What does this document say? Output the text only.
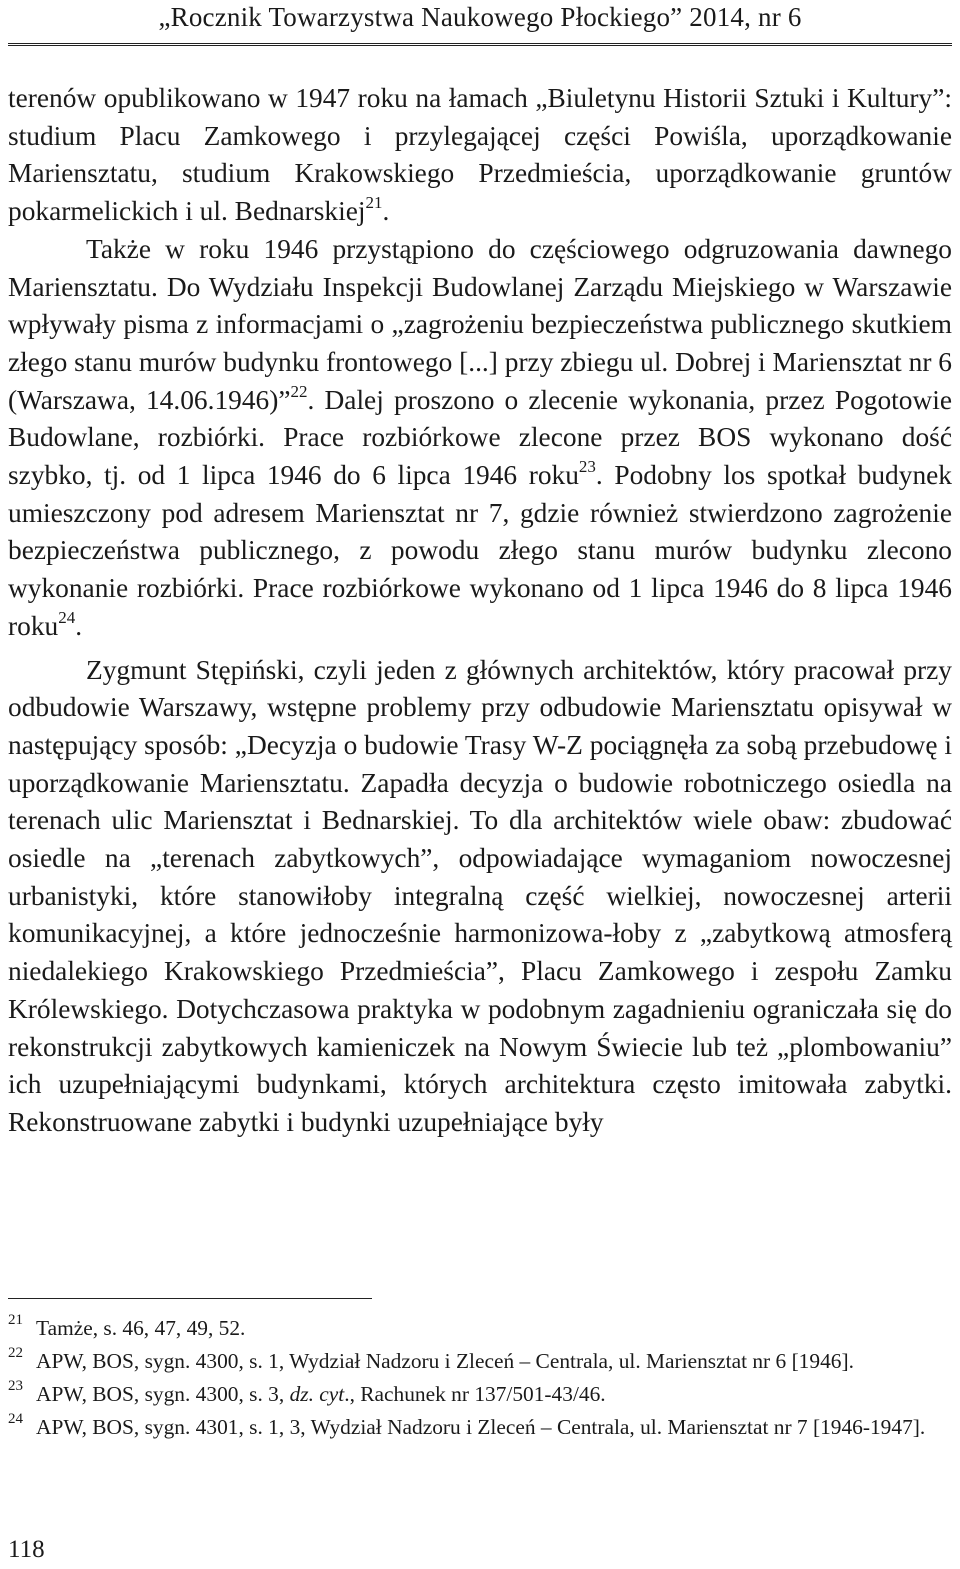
„Rocznik Towarzystwa Naukowego Płockiego” 2014, nr 6

terenów opublikowano w 1947 roku na łamach „Biuletynu Historii Sztuki i Kultury”: studium Placu Zamkowego i przylegającej części Powiśla, uporządkowanie Mariensztatu, studium Krakowskiego Przedmieścia, uporządkowanie gruntów pokarmelickich i ul. Bednarskiej$^{21}$.

Także w roku 1946 przystąpiono do częściowego odgruzowania dawnego Mariensztatu. Do Wydziału Inspekcji Budowlanej Zarządu Miejskiego w Warszawie wpływały pisma z informacjami o „zagrożeniu bezpieczeństwa publicznego skutkiem złego stanu murów budynku frontowego [...] przy zbiegu ul. Dobrej i Mariensztat nr 6 (Warszawa, 14.06.1946)”$^{22}$. Dalej proszono o zlecenie wykonania, przez Pogotowie Budowlane, rozbiórki. Prace rozbiórkowe zlecone przez BOS wykonano dość szybko, tj. od 1 lipca 1946 do 6 lipca 1946 roku$^{23}$. Podobny los spotkał budynek umieszczony pod adresem Mariensztat nr 7, gdzie również stwierdzono zagrożenie bezpieczeństwa publicznego, z powodu złego stanu murów budynku zlecono wykonanie rozbiórki. Prace rozbiórkowe wykonano od 1 lipca 1946 do 8 lipca 1946 roku$^{24}$.

Zygmunt Stępiński, czyli jeden z głównych architektów, który pracował przy odbudowie Warszawy, wstępne problemy przy odbudowie Mariensztatu opisywał w następujący sposób: „Decyzja o budowie Trasy W-Z pociągnęła za sobą przebudowę i uporządkowanie Mariensztatu. Zapadła decyzja o budowie robotniczego osiedla na terenach ulic Mariensztat i Bednarskiej. To dla architektów wiele obaw: zbudować osiedle na „terenach zabytkowych”, odpowiadające wymaganiom nowoczesnej urbanistyki, które stanowiłoby integralną część wielkiej, nowoczesnej arterii komunikacyjnej, a które jednocześnie harmonizowa-łoby z „zabytkową atmosferą niedalekiego Krakowskiego Przedmieścia”, Placu Zamkowego i zespołu Zamku Królewskiego. Dotychczasowa praktyka w podobnym zagadnieniu ograniczała się do rekonstrukcji zabytkowych kamieniczek na Nowym Świecie lub też „plombowaniu” ich uzupełniającymi budynkami, których architektura często imitowała zabytki. Rekonstruowane zabytki i budynki uzupełniające były

21 Tamże, s. 46, 47, 49, 52.
22 APW, BOS, sygn. 4300, s. 1, Wydział Nadzoru i Zleceń – Centrala, ul. Mariensztat nr 6 [1946].
23 APW, BOS, sygn. 4300, s. 3, dz. cyt., Rachunek nr 137/501-43/46.
24 APW, BOS, sygn. 4301, s. 1, 3, Wydział Nadzoru i Zleceń – Centrala, ul. Mariensztat nr 7 [1946-1947].
118
